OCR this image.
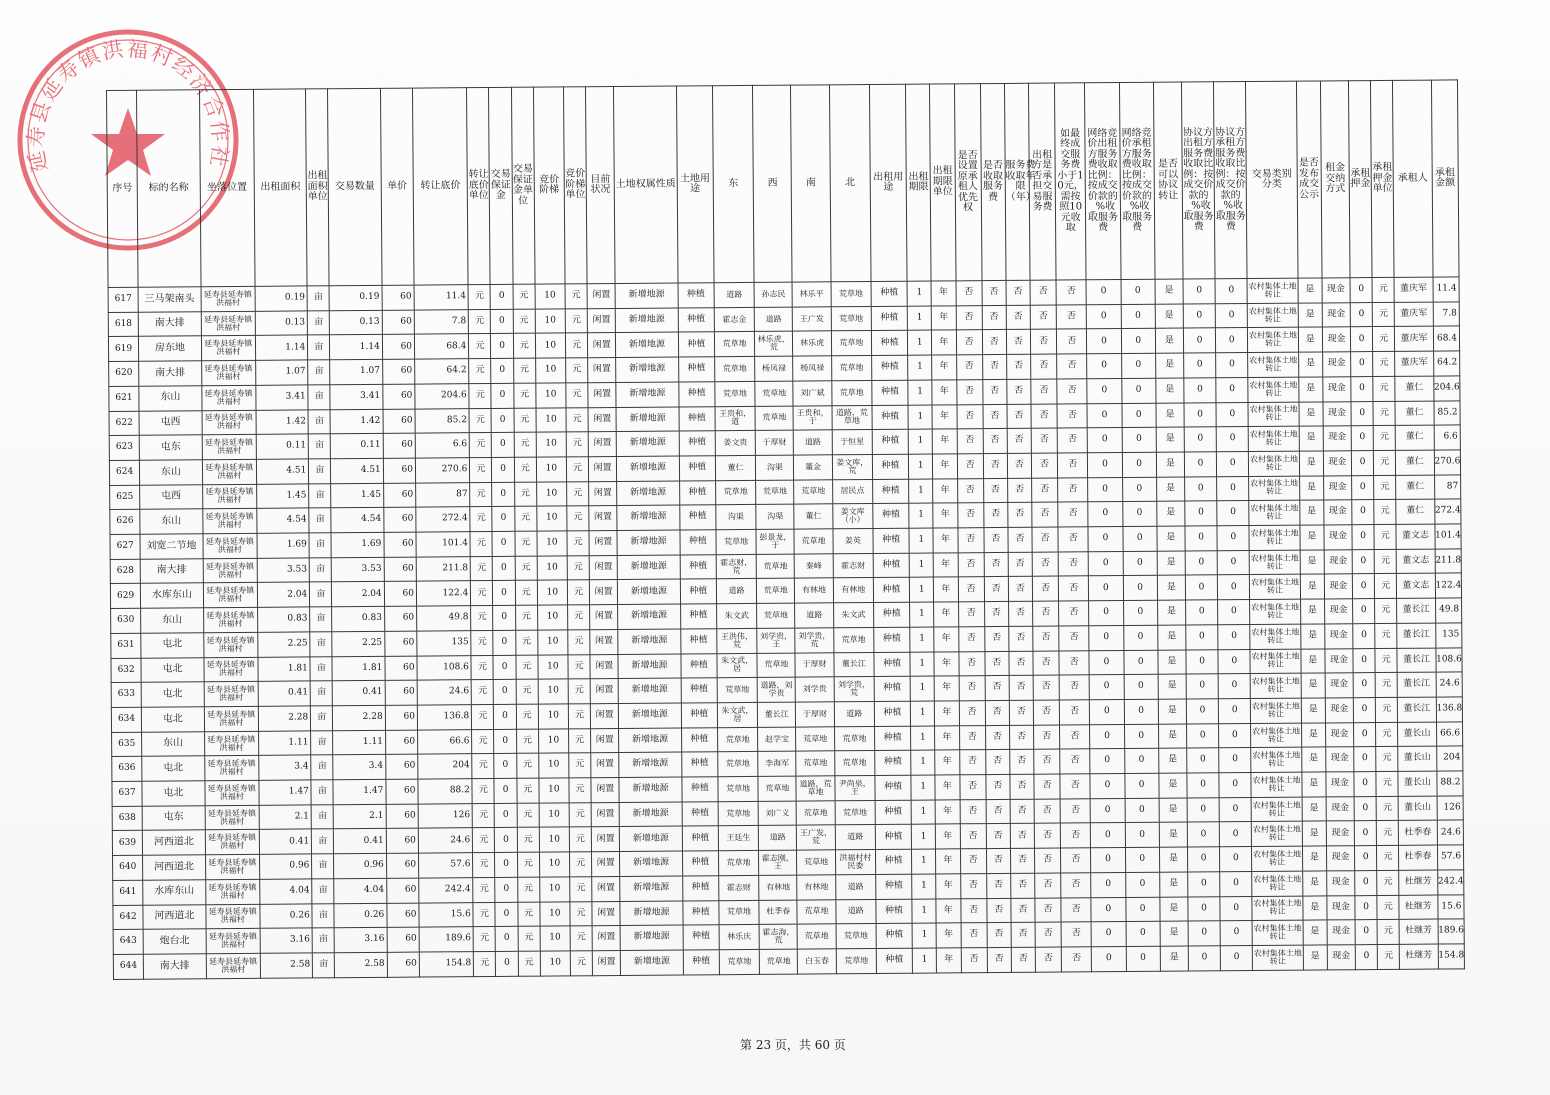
延寿县延寿镇洪福村经济合作社
序号	标的名称	坐落位置	出租面积	出租面积单位	交易数量	单价	转让底价	转让底价单位	交易保证金	交易保证金单位	竞价阶梯	竞价阶梯单位	目前状况	土地权属性质	土地用途	东	西	南	北	出租用途	出租期限	出租期限单位	是否设置原承租人优先权	是否收取服务费	服务费收取年限（年）	出租方是否承担交易服务费	如最终成交服务费小于10元，需按照10元收取	网络竞价出租方服务费收取比例：按成交价款的_%收取服务费	网络竞价承租方服务费收取比例：按成交价款的_%收取服务费	是否可以协议转让	协议方出租方服务费收取比例：按成交价款的_%收取服务费	协议方承租方服务费收取比例：按成交价款的_%收取服务费	交易类别分类	是否发布成交公示	租金交纳方式	承租押金	承租押金单位	承租人	承租金额
617	三马架南头	延寿县延寿镇洪福村	0.19	亩	0.19	60	11.4	元	0	元	10	元	闲置	新增地源	种植	道路	孙志民	林乐平	荒草地	种植	1	年	否	否	否	否	否	0	0	是	0	0	农村集体土地转让	是	现金	0	元	董庆军	11.4
618	南大排	延寿县延寿镇洪福村	0.13	亩	0.13	60	7.8	元	0	元	10	元	闲置	新增地源	种植	霍志金	道路	王广发	荒草地	种植	1	年	否	否	否	否	否	0	0	是	0	0	农村集体土地转让	是	现金	0	元	董庆军	7.8
619	房东地	延寿县延寿镇洪福村	1.14	亩	1.14	60	68.4	元	0	元	10	元	闲置	新增地源	种植	荒草地	林乐虎，荒	林乐虎	荒草地	种植	1	年	否	否	否	否	否	0	0	是	0	0	农村集体土地转让	是	现金	0	元	董庆军	68.4
620	南大排	延寿县延寿镇洪福村	1.07	亩	1.07	60	64.2	元	0	元	10	元	闲置	新增地源	种植	荒草地	杨凤禄	杨凤禄	荒草地	种植	1	年	否	否	否	否	否	0	0	是	0	0	农村集体土地转让	是	现金	0	元	董庆军	64.2
621	东山	延寿县延寿镇洪福村	3.41	亩	3.41	60	204.6	元	0	元	10	元	闲置	新增地源	种植	荒草地	荒草地	刘广斌	荒草地	种植	1	年	否	否	否	否	否	0	0	是	0	0	农村集体土地转让	是	现金	0	元	董仁	204.6
622	屯西	延寿县延寿镇洪福村	1.42	亩	1.42	60	85.2	元	0	元	10	元	闲置	新增地源	种植	王贵和，道	荒草地	王贵和，于	道路，荒草地	种植	1	年	否	否	否	否	否	0	0	是	0	0	农村集体土地转让	是	现金	0	元	董仁	85.2
623	屯东	延寿县延寿镇洪福村	0.11	亩	0.11	60	6.6	元	0	元	10	元	闲置	新增地源	种植	姜文贵	于厚财	道路	于恒星	种植	1	年	否	否	否	否	否	0	0	是	0	0	农村集体土地转让	是	现金	0	元	董仁	6.6
624	东山	延寿县延寿镇洪福村	4.51	亩	4.51	60	270.6	元	0	元	10	元	闲置	新增地源	种植	董仁	沟渠	董金	姜文库，荒	种植	1	年	否	否	否	否	否	0	0	是	0	0	农村集体土地转让	是	现金	0	元	董仁	270.6
625	屯西	延寿县延寿镇洪福村	1.45	亩	1.45	60	87	元	0	元	10	元	闲置	新增地源	种植	荒草地	荒草地	荒草地	居民点	种植	1	年	否	否	否	否	否	0	0	是	0	0	农村集体土地转让	是	现金	0	元	董仁	87
626	东山	延寿县延寿镇洪福村	4.54	亩	4.54	60	272.4	元	0	元	10	元	闲置	新增地源	种植	沟渠	沟渠	董仁	姜文库（小）	种植	1	年	否	否	否	否	否	0	0	是	0	0	农村集体土地转让	是	现金	0	元	董仁	272.4
627	刘宽二节地	延寿县延寿镇洪福村	1.69	亩	1.69	60	101.4	元	0	元	10	元	闲置	新增地源	种植	荒草地	彭景龙，于	荒草地	姜英	种植	1	年	否	否	否	否	否	0	0	是	0	0	农村集体土地转让	是	现金	0	元	董文志	101.4
628	南大排	延寿县延寿镇洪福村	3.53	亩	3.53	60	211.8	元	0	元	10	元	闲置	新增地源	种植	霍志财，荒	荒草地	秦峰	霍志财	种植	1	年	否	否	否	否	否	0	0	是	0	0	农村集体土地转让	是	现金	0	元	董文志	211.8
629	水库东山	延寿县延寿镇洪福村	2.04	亩	2.04	60	122.4	元	0	元	10	元	闲置	新增地源	种植	道路	荒草地	有林地	有林地	种植	1	年	否	否	否	否	否	0	0	是	0	0	农村集体土地转让	是	现金	0	元	董文志	122.4
630	东山	延寿县延寿镇洪福村	0.83	亩	0.83	60	49.8	元	0	元	10	元	闲置	新增地源	种植	朱文武	荒草地	道路	朱文武	种植	1	年	否	否	否	否	否	0	0	是	0	0	农村集体土地转让	是	现金	0	元	董长江	49.8
631	屯北	延寿县延寿镇洪福村	2.25	亩	2.25	60	135	元	0	元	10	元	闲置	新增地源	种植	王洪伟，荒	刘学贵，王	刘学贵，荒	荒草地	种植	1	年	否	否	否	否	否	0	0	是	0	0	农村集体土地转让	是	现金	0	元	董长江	135
632	屯北	延寿县延寿镇洪福村	1.81	亩	1.81	60	108.6	元	0	元	10	元	闲置	新增地源	种植	朱文武，居	荒草地	于厚财	董长江	种植	1	年	否	否	否	否	否	0	0	是	0	0	农村集体土地转让	是	现金	0	元	董长江	108.6
633	屯北	延寿县延寿镇洪福村	0.41	亩	0.41	60	24.6	元	0	元	10	元	闲置	新增地源	种植	荒草地	道路，刘学贵	刘学贵	刘学贵，荒	种植	1	年	否	否	否	否	否	0	0	是	0	0	农村集体土地转让	是	现金	0	元	董长江	24.6
634	屯北	延寿县延寿镇洪福村	2.28	亩	2.28	60	136.8	元	0	元	10	元	闲置	新增地源	种植	朱文武，居	董长江	于厚财	道路	种植	1	年	否	否	否	否	否	0	0	是	0	0	农村集体土地转让	是	现金	0	元	董长江	136.8
635	东山	延寿县延寿镇洪福村	1.11	亩	1.11	60	66.6	元	0	元	10	元	闲置	新增地源	种植	荒草地	赵学宝	荒草地	荒草地	种植	1	年	否	否	否	否	否	0	0	是	0	0	农村集体土地转让	是	现金	0	元	董长山	66.6
636	屯北	延寿县延寿镇洪福村	3.4	亩	3.4	60	204	元	0	元	10	元	闲置	新增地源	种植	荒草地	李海军	荒草地	荒草地	种植	1	年	否	否	否	否	否	0	0	是	0	0	农村集体土地转让	是	现金	0	元	董长山	204
637	屯北	延寿县延寿镇洪福村	1.47	亩	1.47	60	88.2	元	0	元	10	元	闲置	新增地源	种植	荒草地	荒草地	道路，荒草地	尹尚泉，王	种植	1	年	否	否	否	否	否	0	0	是	0	0	农村集体土地转让	是	现金	0	元	董长山	88.2
638	屯东	延寿县延寿镇洪福村	2.1	亩	2.1	60	126	元	0	元	10	元	闲置	新增地源	种植	荒草地	刘广义	荒草地	荒草地	种植	1	年	否	否	否	否	否	0	0	是	0	0	农村集体土地转让	是	现金	0	元	董长山	126
639	河西道北	延寿县延寿镇洪福村	0.41	亩	0.41	60	24.6	元	0	元	10	元	闲置	新增地源	种植	王廷生	道路	王广发，荒	道路	种植	1	年	否	否	否	否	否	0	0	是	0	0	农村集体土地转让	是	现金	0	元	杜季春	24.6
640	河西道北	延寿县延寿镇洪福村	0.96	亩	0.96	60	57.6	元	0	元	10	元	闲置	新增地源	种植	荒草地	霍志刚，王	荒草地	洪福村村民委	种植	1	年	否	否	否	否	否	0	0	是	0	0	农村集体土地转让	是	现金	0	元	杜季春	57.6
641	水库东山	延寿县延寿镇洪福村	4.04	亩	4.04	60	242.4	元	0	元	10	元	闲置	新增地源	种植	霍志财	有林地	有林地	道路	种植	1	年	否	否	否	否	否	0	0	是	0	0	农村集体土地转让	是	现金	0	元	杜继芳	242.4
642	河西道北	延寿县延寿镇洪福村	0.26	亩	0.26	60	15.6	元	0	元	10	元	闲置	新增地源	种植	荒草地	杜季春	荒草地	道路	种植	1	年	否	否	否	否	否	0	0	是	0	0	农村集体土地转让	是	现金	0	元	杜继芳	15.6
643	炮台北	延寿县延寿镇洪福村	3.16	亩	3.16	60	189.6	元	0	元	10	元	闲置	新增地源	种植	林乐庆	霍志海，荒	荒草地	荒草地	种植	1	年	否	否	否	否	否	0	0	是	0	0	农村集体土地转让	是	现金	0	元	杜继芳	189.6
644	南大排	延寿县延寿镇洪福村	2.58	亩	2.58	60	154.8	元	0	元	10	元	闲置	新增地源	种植	荒草地	荒草地	白玉春	荒草地	种植	1	年	否	否	否	否	否	0	0	是	0	0	农村集体土地转让	是	现金	0	元	杜继芳	154.8
第 23 页，共 60 页
